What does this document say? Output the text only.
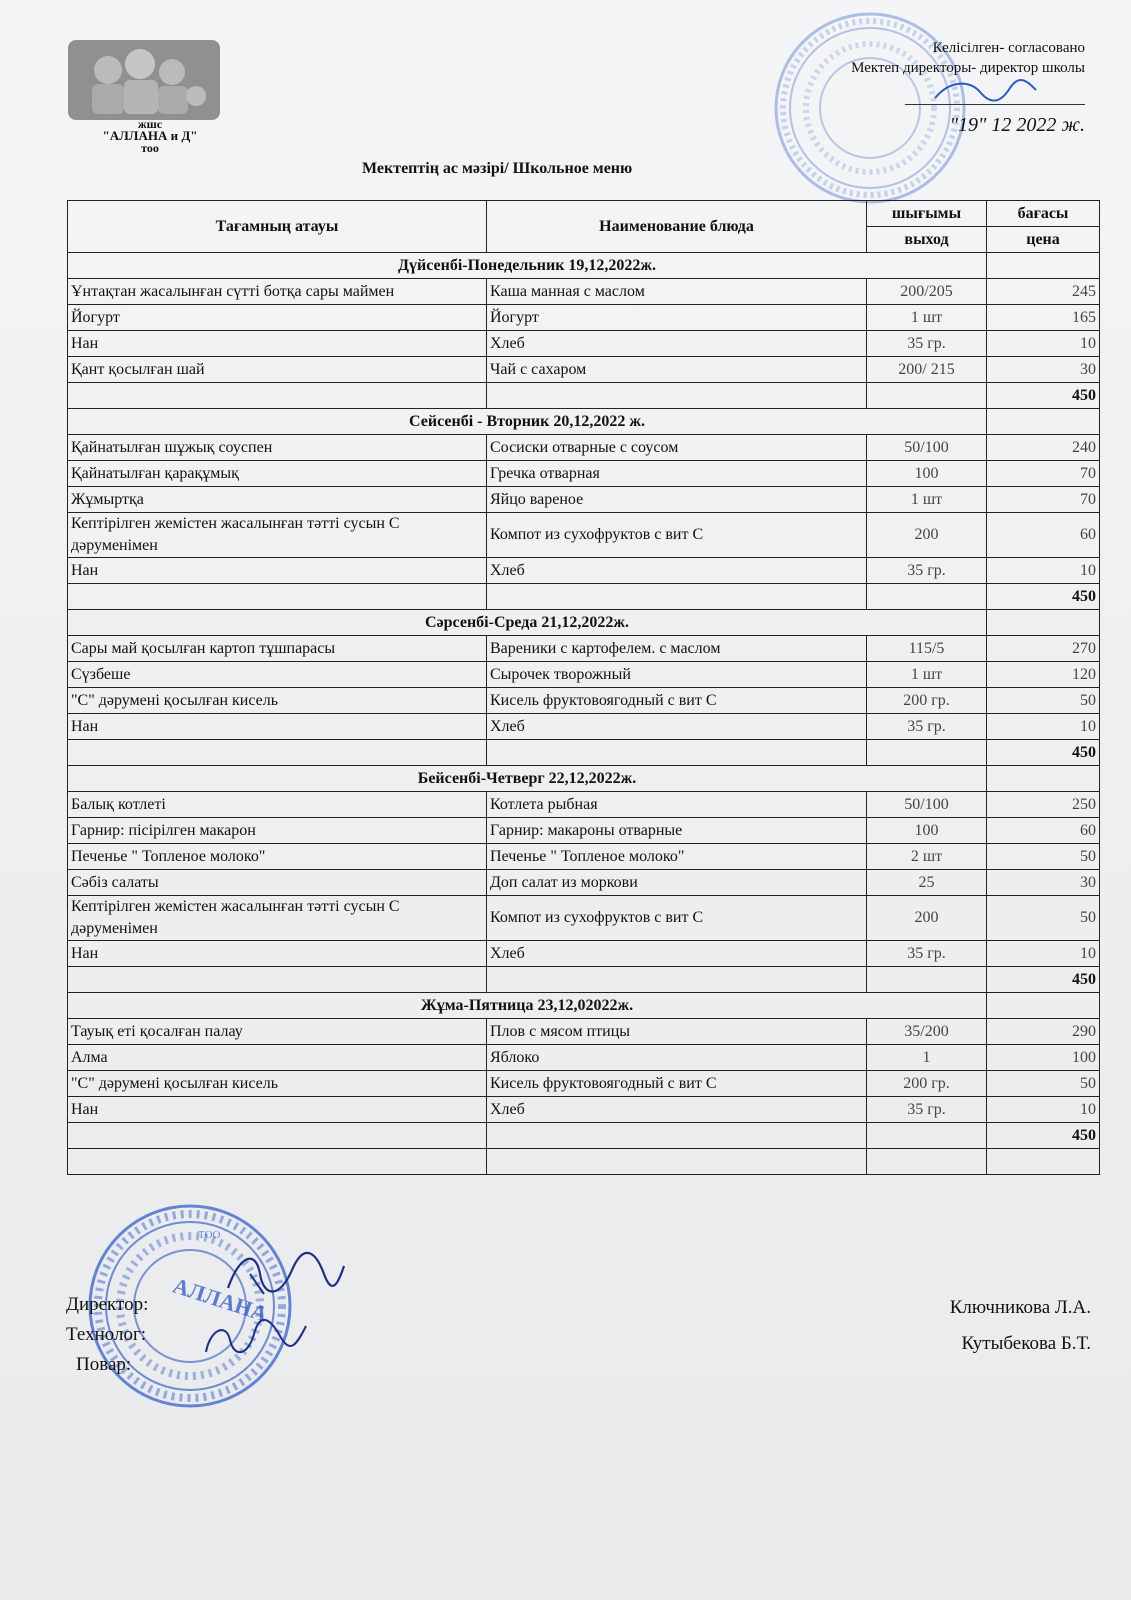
жшс
"АЛЛАНА и Д"
тоо
Келісілген- согласовано
Мектеп директоры- директор школы
"19" 12 2022 ж.
Мектептің ас мәзірі/ Школьное меню
Тағамның атауы	Наименование блюда	шығымы	бағасы
		выход	цена
Дүйсенбі-Понедельник 19,12,2022ж.			
Ұнтақтан жасалынған сүтті ботқа сары маймен	Каша манная с маслом	200/205	245
Йогурт	Йогурт	1 шт	165
Нан	Хлеб	35 гр.	10
Қант қосылған шай	Чай с сахаром	200/ 215	30
			450
Сейсенбі - Вторник 20,12,2022 ж.			
Қайнатылған шұжық соуспен	Сосиски отварные с соусом	50/100	240
Қайнатылған қарақұмық	Гречка отварная	100	70
Жұмыртқа	Яйцо вареное	1 шт	70
Кептірілген жемістен жасалынған тәтті сусын С дәруменімен	Компот из сухофруктов с вит С	200	60
Нан	Хлеб	35 гр.	10
			450
Сәрсенбі-Среда 21,12,2022ж.			
Сары май қосылған картоп тұшпарасы	Вареники с картофелем. с маслом	115/5	270
Сүзбеше	Сырочек творожный	1 шт	120
"С" дәрумені қосылған кисель	Кисель фруктовоягодный с вит С	200 гр.	50
Нан	Хлеб	35 гр.	10
			450
Бейсенбі-Четверг 22,12,2022ж.			
Балық котлеті	Котлета рыбная	50/100	250
Гарнир: пісірілген макарон	Гарнир: макароны отварные	100	60
Печенье " Топленое молоко"	Печенье " Топленое молоко"	2 шт	50
Сәбіз салаты	Доп салат из моркови	25	30
Кептірілген жемістен жасалынған тәтті сусын С дәруменімен	Компот из сухофруктов с вит С	200	50
Нан	Хлеб	35 гр.	10
			450
Жұма-Пятница 23,12,02022ж.			
Тауық еті қосалған палау	Плов с мясом птицы	35/200	290
Алма	Яблоко	1	100
"С" дәрумені қосылған кисель	Кисель фруктовоягодный с вит С	200 гр.	50
Нан	Хлеб	35 гр.	10
			450

АЛЛАНА
ТОО
Директор:
Технолог:
Повар:
Ключникова Л.А.
Кутыбекова Б.Т.
